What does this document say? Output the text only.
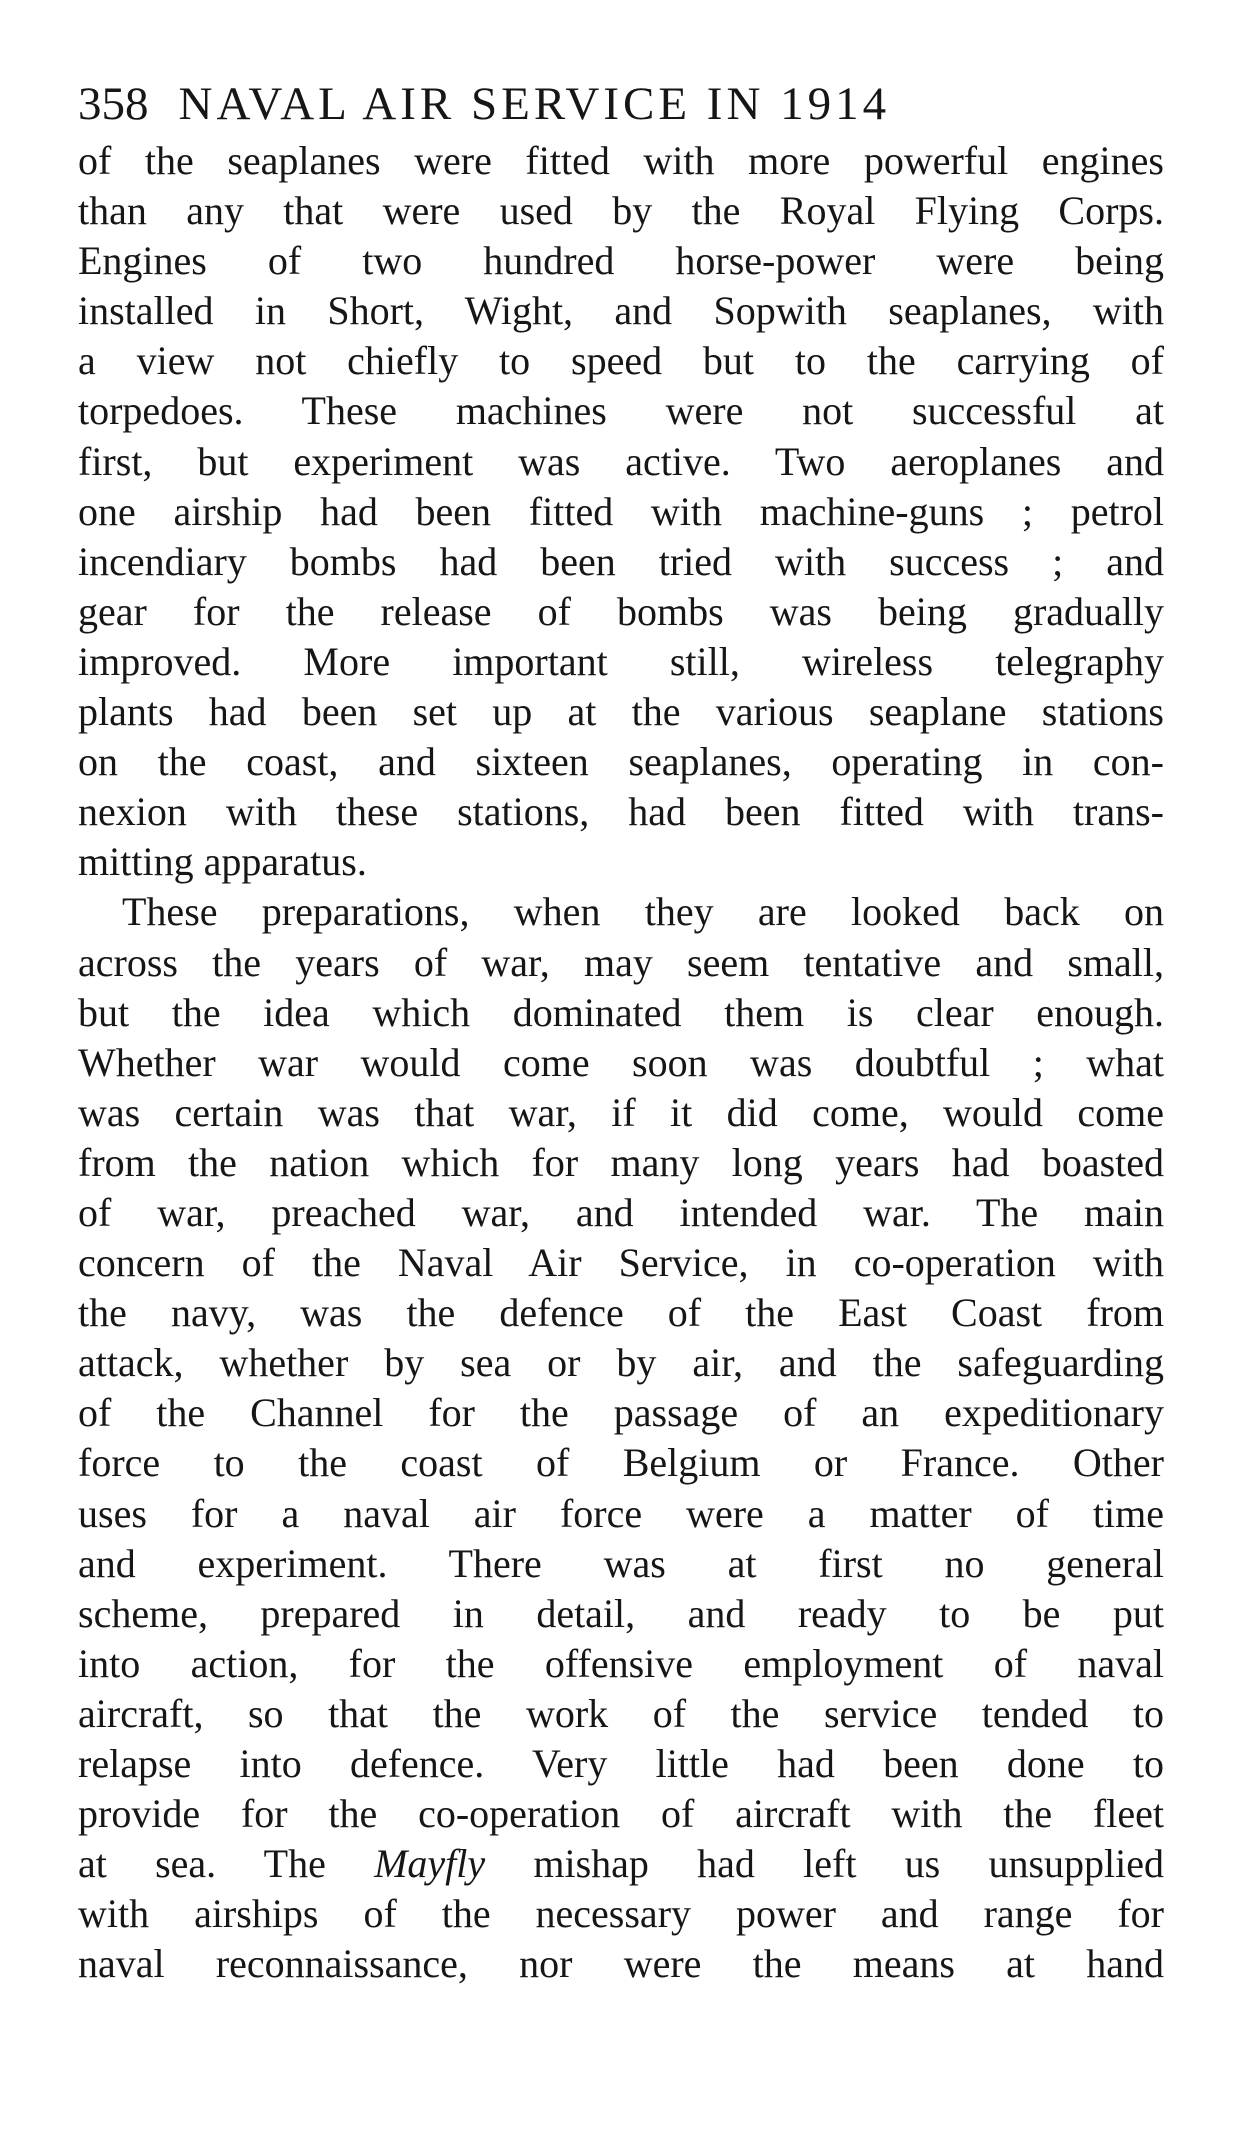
358 NAVAL AIR SERVICE IN 1914
of the seaplanes were fitted with more powerful engines
than any that were used by the Royal Flying Corps.
Engines of two hundred horse-power were being
installed in Short, Wight, and Sopwith seaplanes, with
a view not chiefly to speed but to the carrying of
torpedoes. These machines were not successful at
first, but experiment was active. Two aeroplanes and
one airship had been fitted with machine-guns ; petrol
incendiary bombs had been tried with success ; and
gear for the release of bombs was being gradually
improved. More important still, wireless telegraphy
plants had been set up at the various seaplane stations
on the coast, and sixteen seaplanes, operating in con-
nexion with these stations, had been fitted with trans-
mitting apparatus.
These preparations, when they are looked back on
across the years of war, may seem tentative and small,
but the idea which dominated them is clear enough.
Whether war would come soon was doubtful ; what
was certain was that war, if it did come, would come
from the nation which for many long years had boasted
of war, preached war, and intended war. The main
concern of the Naval Air Service, in co-operation with
the navy, was the defence of the East Coast from
attack, whether by sea or by air, and the safeguarding
of the Channel for the passage of an expeditionary
force to the coast of Belgium or France. Other
uses for a naval air force were a matter of time
and experiment. There was at first no general
scheme, prepared in detail, and ready to be put
into action, for the offensive employment of naval
aircraft, so that the work of the service tended to
relapse into defence. Very little had been done to
provide for the co-operation of aircraft with the fleet
at sea. The Mayfly mishap had left us unsupplied
with airships of the necessary power and range for
naval reconnaissance, nor were the means at hand
